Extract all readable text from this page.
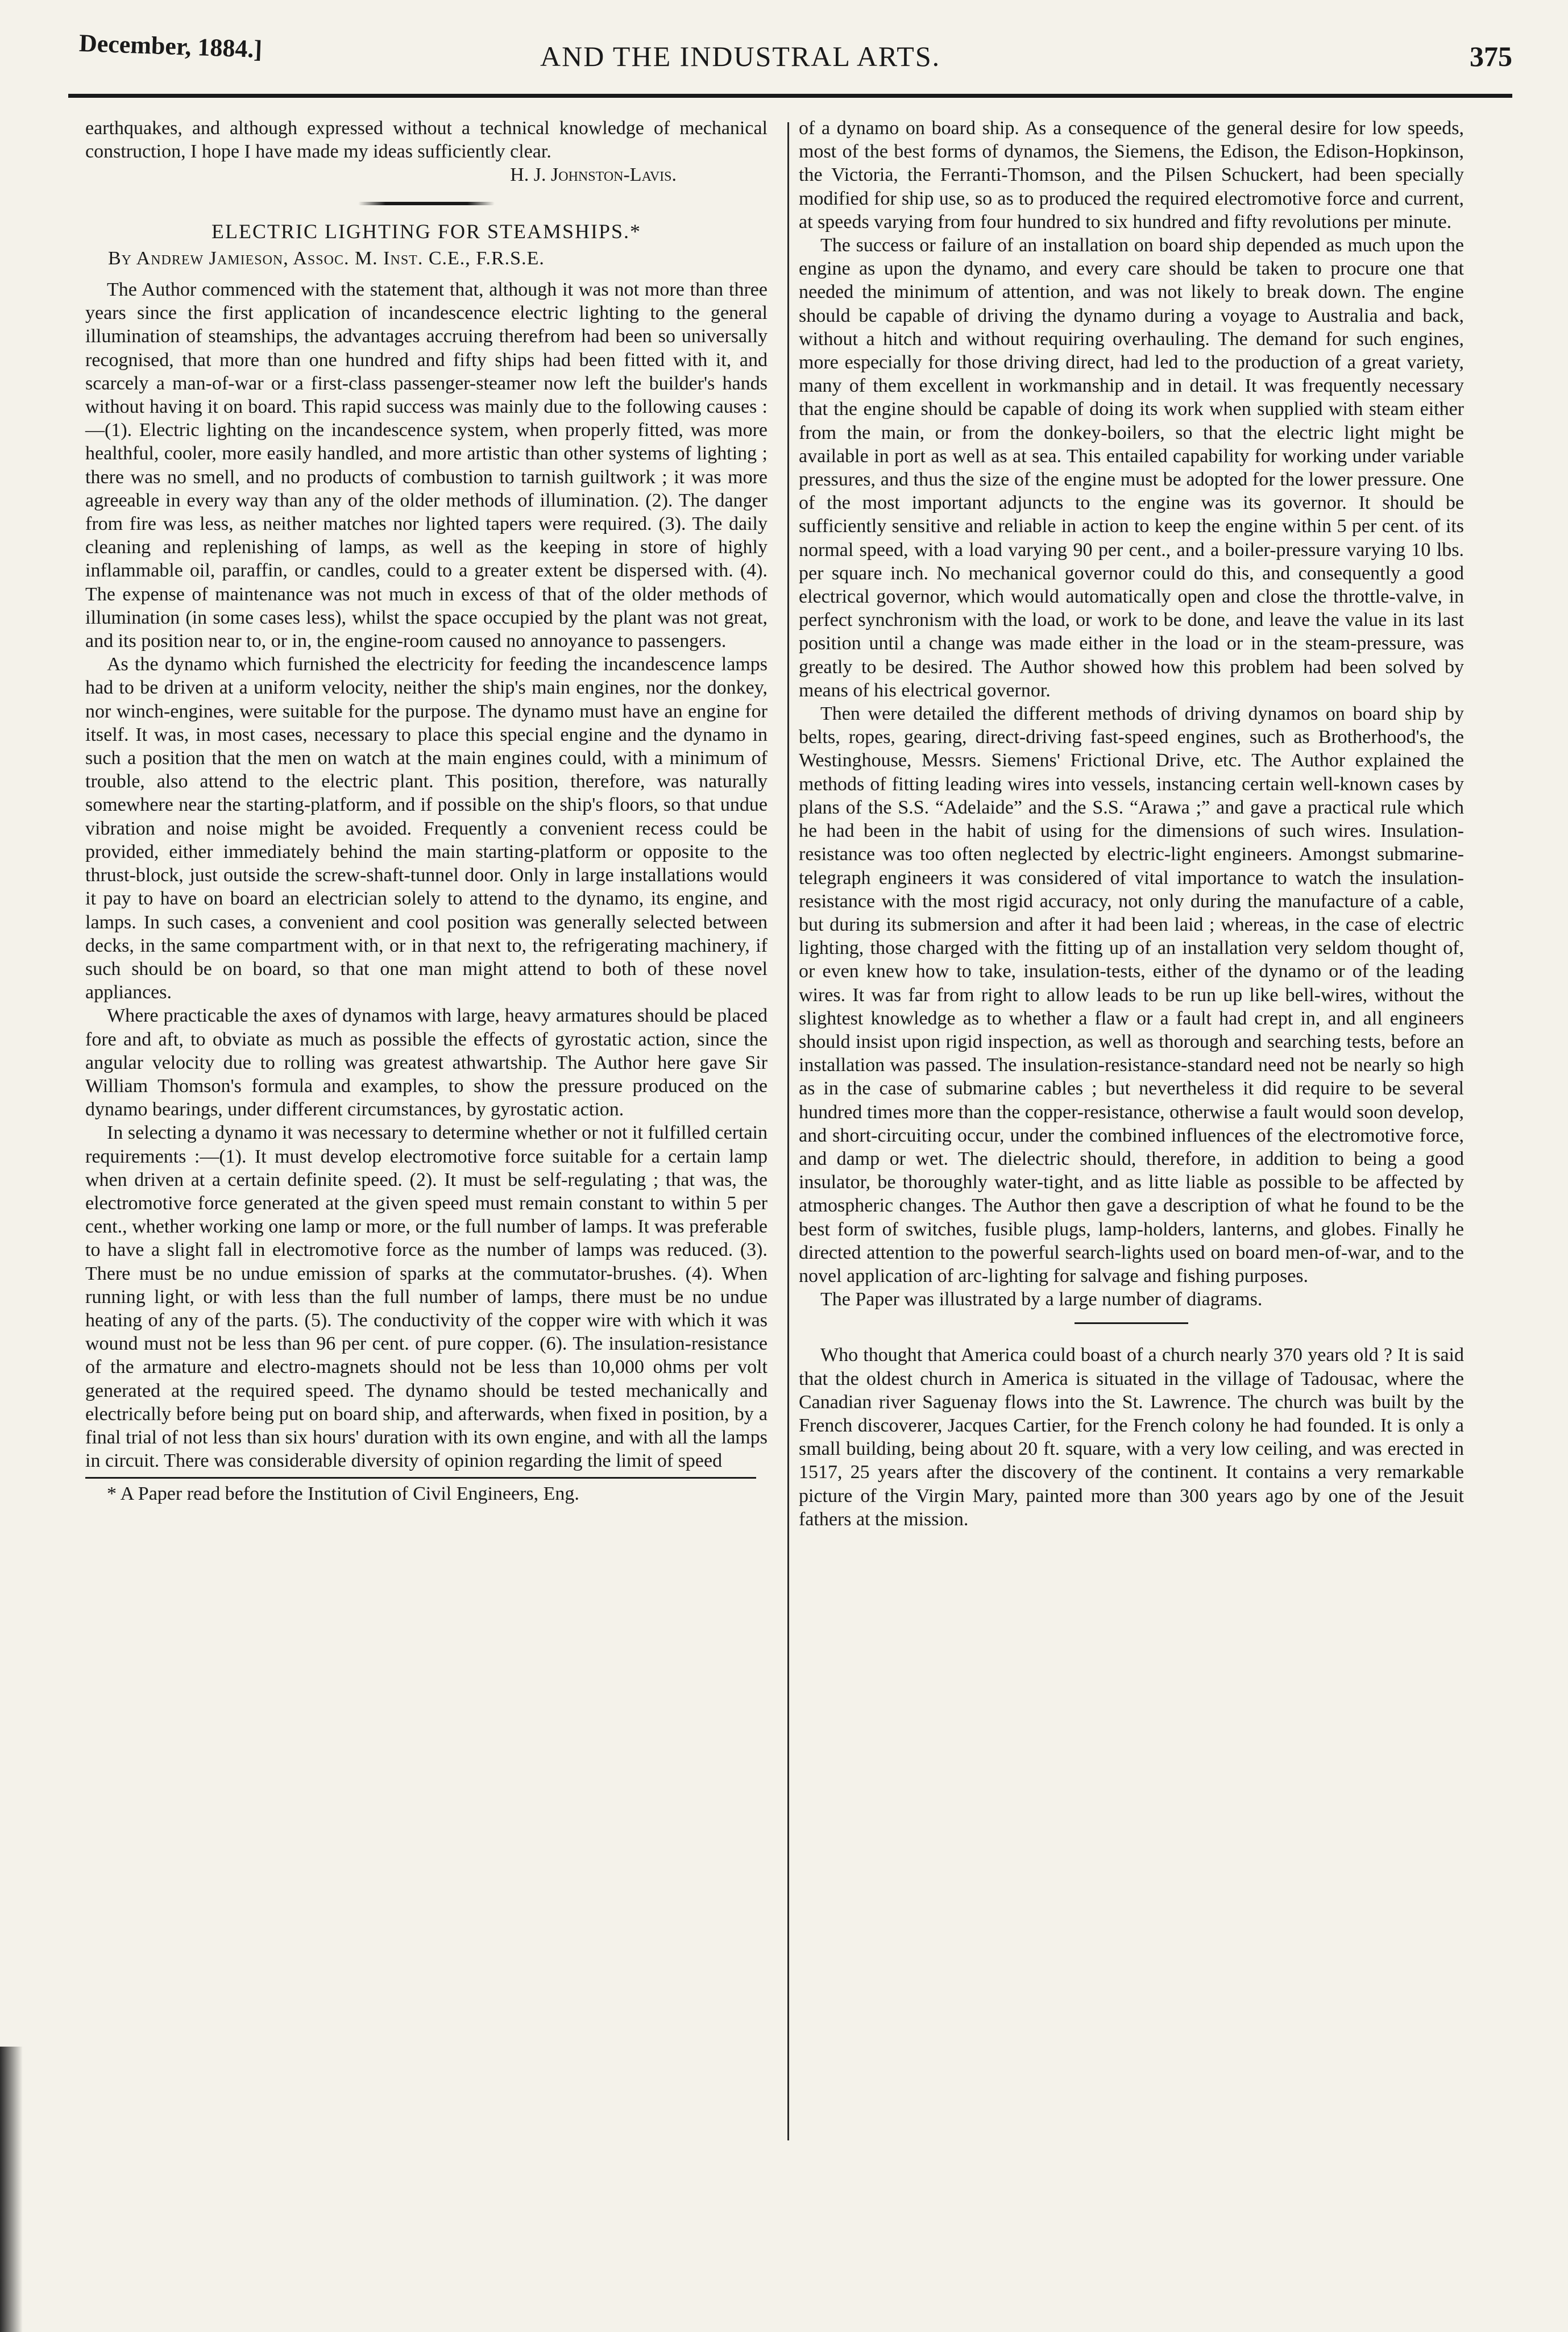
December, 1884.]	AND THE INDUSTRAL ARTS.	375

earthquakes, and although expressed without a technical knowledge of mechanical construction, I hope I have made my ideas sufficiently clear.

H. J. Johnston-Lavis.

ELECTRIC LIGHTING FOR STEAMSHIPS.*
By Andrew Jamieson, Assoc. M. Inst. C.E., F.R.S.E.

The Author commenced with the statement that, although it was not more than three years since the first application of incandescence electric lighting to the general illumination of steamships, the advantages accruing therefrom had been so universally recognised, that more than one hundred and fifty ships had been fitted with it, and scarcely a man-of-war or a first-class passenger-steamer now left the builder's hands without having it on board. This rapid success was mainly due to the following causes :—(1). Electric lighting on the incandescence system, when properly fitted, was more healthful, cooler, more easily handled, and more artistic than other systems of lighting ; there was no smell, and no products of combustion to tarnish guiltwork ; it was more agreeable in every way than any of the older methods of illumination. (2). The danger from fire was less, as neither matches nor lighted tapers were required. (3). The daily cleaning and replenishing of lamps, as well as the keeping in store of highly inflammable oil, paraffin, or candles, could to a greater extent be dispersed with. (4). The expense of maintenance was not much in excess of that of the older methods of illumination (in some cases less), whilst the space occupied by the plant was not great, and its position near to, or in, the engine-room caused no annoyance to passengers.

As the dynamo which furnished the electricity for feeding the incandescence lamps had to be driven at a uniform velocity, neither the ship's main engines, nor the donkey, nor winch-engines, were suitable for the purpose. The dynamo must have an engine for itself. It was, in most cases, necessary to place this special engine and the dynamo in such a position that the men on watch at the main engines could, with a minimum of trouble, also attend to the electric plant. This position, therefore, was naturally somewhere near the starting-platform, and if possible on the ship's floors, so that undue vibration and noise might be avoided. Frequently a convenient recess could be provided, either immediately behind the main starting-platform or opposite to the thrust-block, just outside the screw-shaft-tunnel door. Only in large installations would it pay to have on board an electrician solely to attend to the dynamo, its engine, and lamps. In such cases, a convenient and cool position was generally selected between decks, in the same compartment with, or in that next to, the refrigerating machinery, if such should be on board, so that one man might attend to both of these novel appliances.

Where practicable the axes of dynamos with large, heavy armatures should be placed fore and aft, to obviate as much as possible the effects of gyrostatic action, since the angular velocity due to rolling was greatest athwartship. The Author here gave Sir William Thomson's formula and examples, to show the pressure produced on the dynamo bearings, under different circumstances, by gyrostatic action.

In selecting a dynamo it was necessary to determine whether or not it fulfilled certain requirements :—(1). It must develop electromotive force suitable for a certain lamp when driven at a certain definite speed. (2). It must be self-regulating ; that was, the electromotive force generated at the given speed must remain constant to within 5 per cent., whether working one lamp or more, or the full number of lamps. It was preferable to have a slight fall in electromotive force as the number of lamps was reduced. (3). There must be no undue emission of sparks at the commutator-brushes. (4). When running light, or with less than the full number of lamps, there must be no undue heating of any of the parts. (5). The conductivity of the copper wire with which it was wound must not be less than 96 per cent. of pure copper. (6). The insulation-resistance of the armature and electro-magnets should not be less than 10,000 ohms per volt generated at the required speed. The dynamo should be tested mechanically and electrically before being put on board ship, and afterwards, when fixed in position, by a final trial of not less than six hours' duration with its own engine, and with all the lamps in circuit. There was considerable diversity of opinion regarding the limit of speed

* A Paper read before the Institution of Civil Engineers, Eng.

of a dynamo on board ship. As a consequence of the general desire for low speeds, most of the best forms of dynamos, the Siemens, the Edison, the Edison-Hopkinson, the Victoria, the Ferranti-Thomson, and the Pilsen Schuckert, had been specially modified for ship use, so as to produced the required electromotive force and current, at speeds varying from four hundred to six hundred and fifty revolutions per minute.

The success or failure of an installation on board ship depended as much upon the engine as upon the dynamo, and every care should be taken to procure one that needed the minimum of attention, and was not likely to break down. The engine should be capable of driving the dynamo during a voyage to Australia and back, without a hitch and without requiring overhauling. The demand for such engines, more especially for those driving direct, had led to the production of a great variety, many of them excellent in workmanship and in detail. It was frequently necessary that the engine should be capable of doing its work when supplied with steam either from the main, or from the donkey-boilers, so that the electric light might be available in port as well as at sea. This entailed capability for working under variable pressures, and thus the size of the engine must be adopted for the lower pressure. One of the most important adjuncts to the engine was its governor. It should be sufficiently sensitive and reliable in action to keep the engine within 5 per cent. of its normal speed, with a load varying 90 per cent., and a boiler-pressure varying 10 lbs. per square inch. No mechanical governor could do this, and consequently a good electrical governor, which would automatically open and close the throttle-valve, in perfect synchronism with the load, or work to be done, and leave the value in its last position until a change was made either in the load or in the steam-pressure, was greatly to be desired. The Author showed how this problem had been solved by means of his electrical governor.

Then were detailed the different methods of driving dynamos on board ship by belts, ropes, gearing, direct-driving fast-speed engines, such as Brotherhood's, the Westinghouse, Messrs. Siemens' Frictional Drive, etc. The Author explained the methods of fitting leading wires into vessels, instancing certain well-known cases by plans of the S.S. “Adelaide” and the S.S. “Arawa ;” and gave a practical rule which he had been in the habit of using for the dimensions of such wires. Insulation-resistance was too often neglected by electric-light engineers. Amongst submarine-telegraph engineers it was considered of vital importance to watch the insulation-resistance with the most rigid accuracy, not only during the manufacture of a cable, but during its submersion and after it had been laid ; whereas, in the case of electric lighting, those charged with the fitting up of an installation very seldom thought of, or even knew how to take, insulation-tests, either of the dynamo or of the leading wires. It was far from right to allow leads to be run up like bell-wires, without the slightest knowledge as to whether a flaw or a fault had crept in, and all engineers should insist upon rigid inspection, as well as thorough and searching tests, before an installation was passed. The insulation-resistance-standard need not be nearly so high as in the case of submarine cables ; but nevertheless it did require to be several hundred times more than the copper-resistance, otherwise a fault would soon develop, and short-circuiting occur, under the combined influences of the electromotive force, and damp or wet. The dielectric should, therefore, in addition to being a good insulator, be thoroughly water-tight, and as litte liable as possible to be affected by atmospheric changes. The Author then gave a description of what he found to be the best form of switches, fusible plugs, lamp-holders, lanterns, and globes. Finally he directed attention to the powerful search-lights used on board men-of-war, and to the novel application of arc-lighting for salvage and fishing purposes.

The Paper was illustrated by a large number of diagrams.

Who thought that America could boast of a church nearly 370 years old ? It is said that the oldest church in America is situated in the village of Tadousac, where the Canadian river Saguenay flows into the St. Lawrence. The church was built by the French discoverer, Jacques Cartier, for the French colony he had founded. It is only a small building, being about 20 ft. square, with a very low ceiling, and was erected in 1517, 25 years after the discovery of the continent. It contains a very remarkable picture of the Virgin Mary, painted more than 300 years ago by one of the Jesuit fathers at the mission.
